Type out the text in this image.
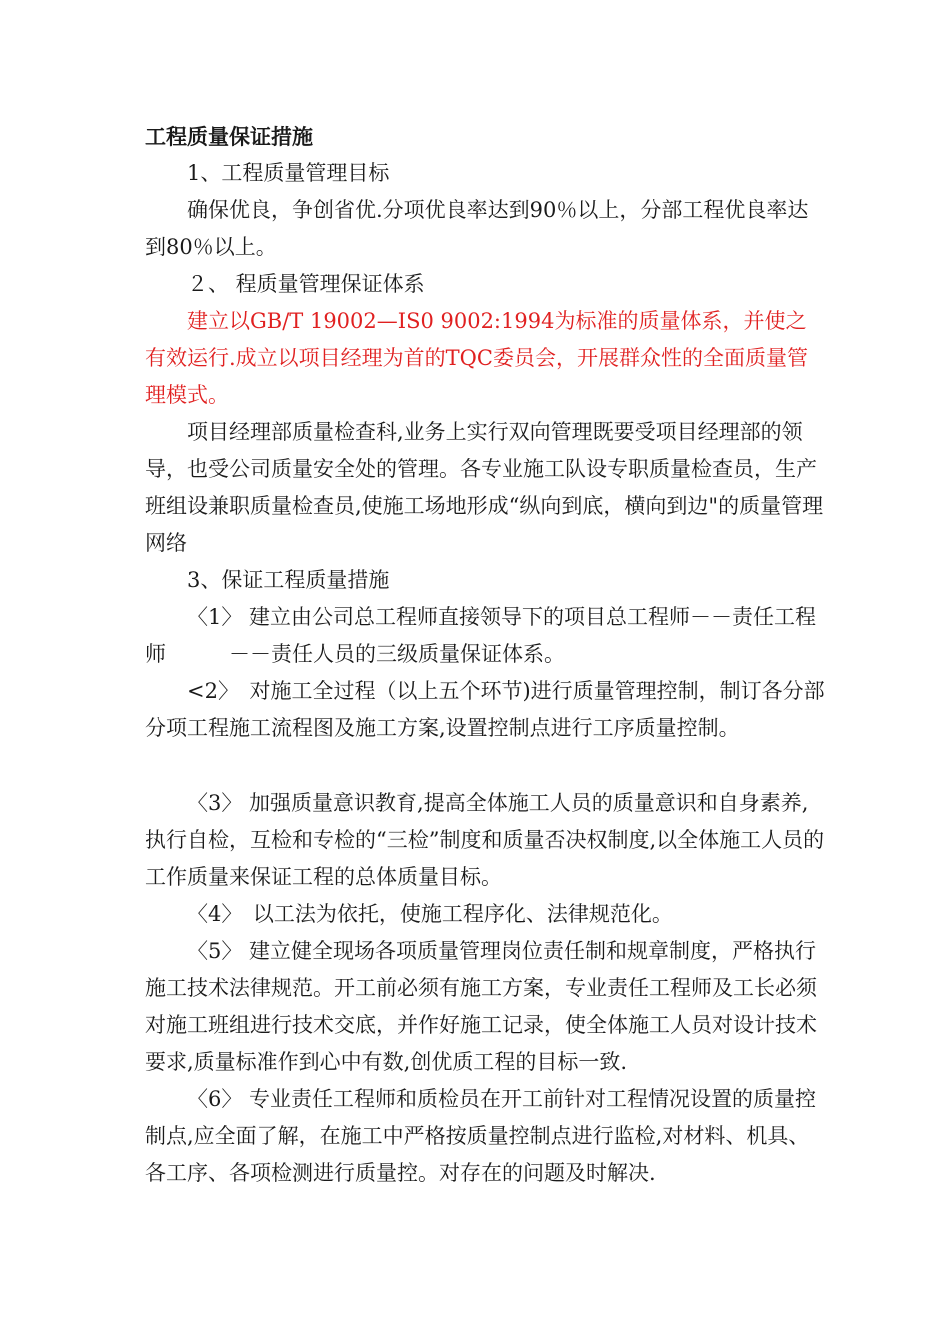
工程质量保证措施

1、工程质量管理目标

确保优良，争创省优.分项优良率达到90％以上，分部工程优良率达到80％以上。

２、 程质量管理保证体系

建立以GB/T 19002—IS0 9002:1994为标准的质量体系，并使之有效运行.成立以项目经理为首的TQC委员会，开展群众性的全面质量管理模式。

项目经理部质量检查科,业务上实行双向管理既要受项目经理部的领导，也受公司质量安全处的管理。各专业施工队设专职质量检查员，生产班组设兼职质量检查员,使施工场地形成“纵向到底，横向到边"的质量管理网络

3、保证工程质量措施

〈1〉 建立由公司总工程师直接领导下的项目总工程师－－责任工程师　　　－－责任人员的三级质量保证体系。

<2〉　对施工全过程（以上五个环节)进行质量管理控制，制订各分部分项工程施工流程图及施工方案,设置控制点进行工序质量控制。

〈3〉 加强质量意识教育,提高全体施工人员的质量意识和自身素养,执行自检，互检和专检的“三检”制度和质量否决权制度,以全体施工人员的工作质量来保证工程的总体质量目标。

〈4〉　以工法为依托，使施工程序化、法律规范化。

〈5〉 建立健全现场各项质量管理岗位责任制和规章制度，严格执行施工技术法律规范。开工前必须有施工方案，专业责任工程师及工长必须对施工班组进行技术交底，并作好施工记录，使全体施工人员对设计技术要求,质量标准作到心中有数,创优质工程的目标一致.

〈6〉 专业责任工程师和质检员在开工前针对工程情况设置的质量控制点,应全面了解，在施工中严格按质量控制点进行监检,对材料、机具、各工序、各项检测进行质量控。对存在的问题及时解决.
